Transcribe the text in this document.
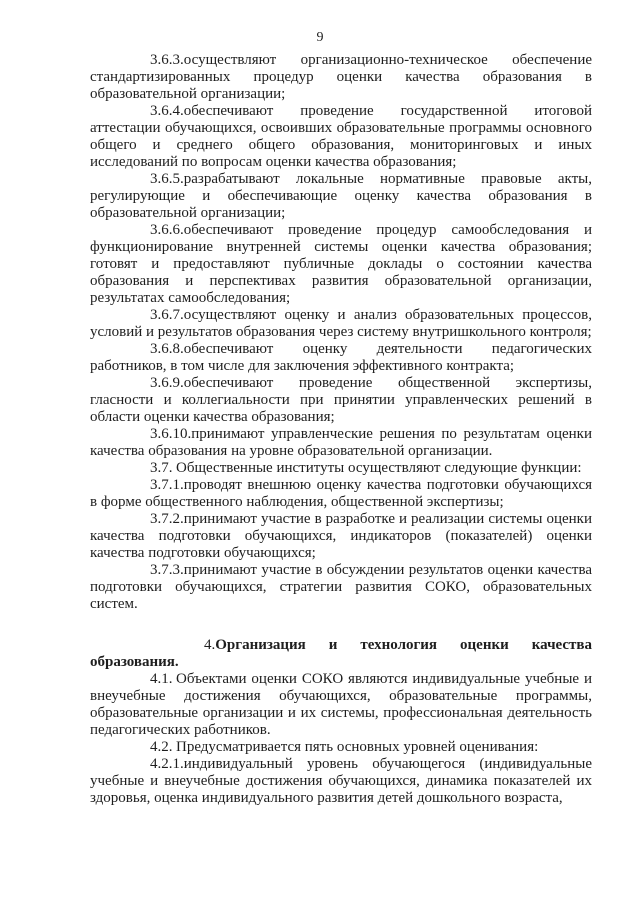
9

3.6.3.осуществляют организационно-техническое обеспечение стандартизированных процедур оценки качества образования в образовательной организации;

3.6.4.обеспечивают проведение государственной итоговой аттестации обучающихся, освоивших образовательные программы основного общего и среднего общего образования, мониторинговых и иных исследований по вопросам оценки качества образования;

3.6.5.разрабатывают локальные нормативные правовые акты, регулирующие и обеспечивающие оценку качества образования в образовательной организации;

3.6.6.обеспечивают проведение процедур самообследования и функционирование внутренней системы оценки качества образования; готовят и предоставляют публичные доклады о состоянии качества образования и перспективах развития образовательной организации, результатах самообследования;

3.6.7.осуществляют оценку и анализ образовательных процессов, условий и результатов образования через систему внутришкольного контроля;

3.6.8.обеспечивают оценку деятельности педагогических работников, в том числе для заключения эффективного контракта;

3.6.9.обеспечивают проведение общественной экспертизы, гласности и коллегиальности при принятии управленческих решений в области оценки качества образования;

3.6.10.принимают управленческие решения по результатам оценки качества образования на уровне образовательной организации.

3.7. Общественные институты осуществляют следующие функции:

3.7.1.проводят внешнюю оценку качества подготовки обучающихся в форме общественного наблюдения, общественной экспертизы;

3.7.2.принимают участие в разработке и реализации системы оценки качества подготовки обучающихся, индикаторов (показателей) оценки качества подготовки обучающихся;

3.7.3.принимают участие в обсуждении результатов оценки качества подготовки обучающихся, стратегии развития СОКО, образовательных систем.

4.Организация и технология оценки качества образования.

4.1. Объектами оценки СОКО являются индивидуальные учебные и внеучебные достижения обучающихся, образовательные программы, образовательные организации и их системы, профессиональная деятельность педагогических работников.

4.2. Предусматривается пять основных уровней оценивания:

4.2.1.индивидуальный уровень обучающегося (индивидуальные учебные и внеучебные достижения обучающихся, динамика показателей их здоровья, оценка индивидуального развития детей дошкольного возраста,
